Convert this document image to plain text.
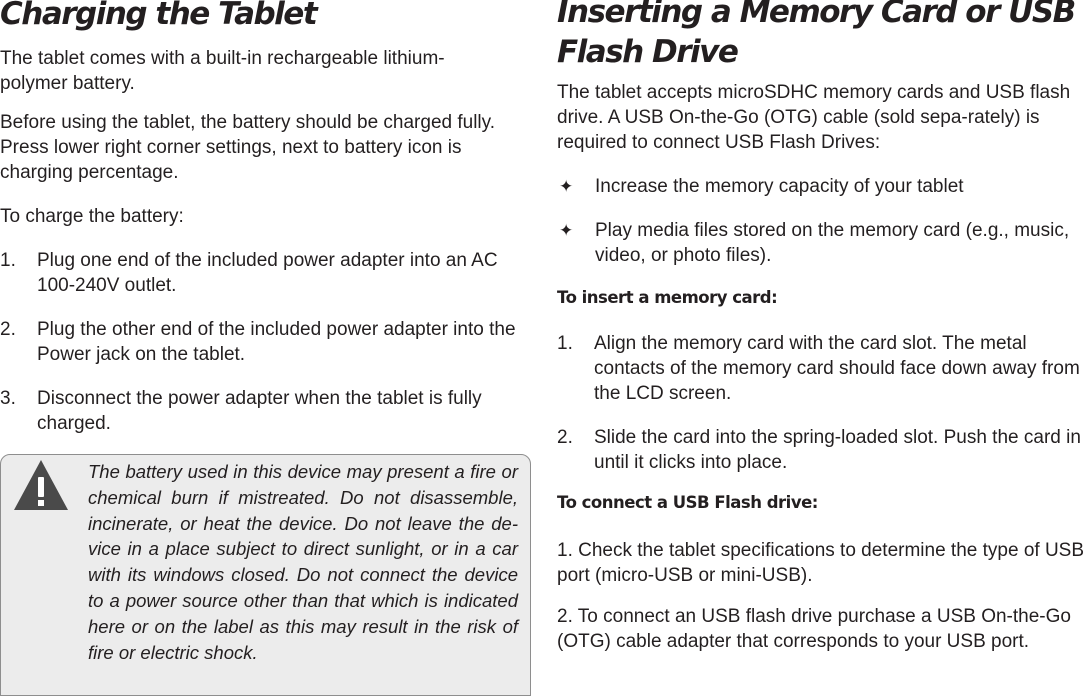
Charging the Tablet

The tablet comes with a built-in rechargeable lithium-polymer battery.

Before using the tablet, the battery should be charged fully. Press lower right corner settings, next to battery icon is charging percentage.

To charge the battery:

1. Plug one end of the included power adapter into an AC 100-240V outlet.
2. Plug the other end of the included power adapter into the Power jack on the tablet.
3. Disconnect the power adapter when the tablet is fully charged.

The battery used in this device may present a fire or chemical burn if mistreated. Do not disassemble, incinerate, or heat the device. Do not leave the de-vice in a place subject to direct sunlight, or in a car with its windows closed. Do not connect the device to a power source other than that which is indicated here or on the label as this may result in the risk of fire or electric shock.

Inserting a Memory Card or USB Flash Drive

The tablet accepts microSDHC memory cards and USB flash drive. A USB On-the-Go (OTG) cable (sold sepa-rately) is required to connect USB Flash Drives:

✦ Increase the memory capacity of your tablet
✦ Play media files stored on the memory card (e.g., music, video, or photo files).

To insert a memory card:

1. Align the memory card with the card slot. The metal contacts of the memory card should face down away from the LCD screen.
2. Slide the card into the spring-loaded slot. Push the card in until it clicks into place.

To connect a USB Flash drive:

1. Check the tablet specifications to determine the type of USB port (micro-USB or mini-USB).

2. To connect an USB flash drive purchase a USB On-the-Go (OTG) cable adapter that corresponds to your USB port.
